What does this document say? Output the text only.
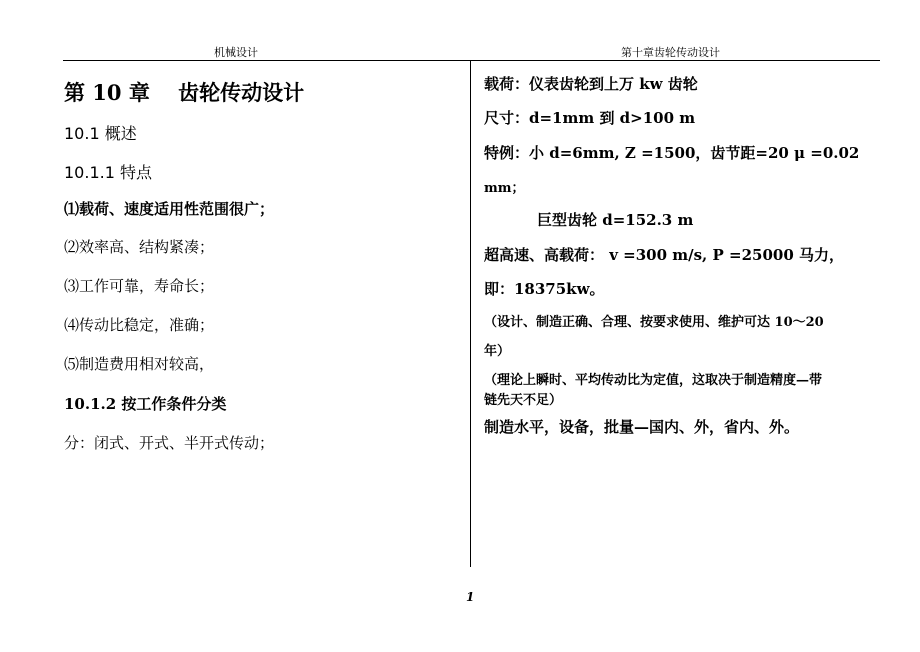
机械设计	第十章齿轮传动设计
第 10 章　 齿轮传动设计
10.1 概述
10.1.1 特点
⑴载荷、速度适用性范围很广；
⑵效率高、结构紧凑；
⑶工作可靠，寿命长；
⑷传动比稳定，准确；
⑸制造费用相对较高，
10.1.2 按工作条件分类
分：闭式、开式、半开式传动；
载荷：仪表齿轮到上万 kw 齿轮
尺寸：d=1mm 到 d>100 m
特例：小 d=6mm, Z =1500，齿节距=20 μ =0.02
mm；
巨型齿轮 d=152.3 m
超高速、高载荷： v =300 m/s, P =25000 马力，
即：18375kw。
（设计、制造正确、合理、按要求使用、维护可达 10～20
年）
（理论上瞬时、平均传动比为定值，这取决于制造精度—带
链先天不足）
制造水平，设备，批量—国内、外，省内、外。
1
